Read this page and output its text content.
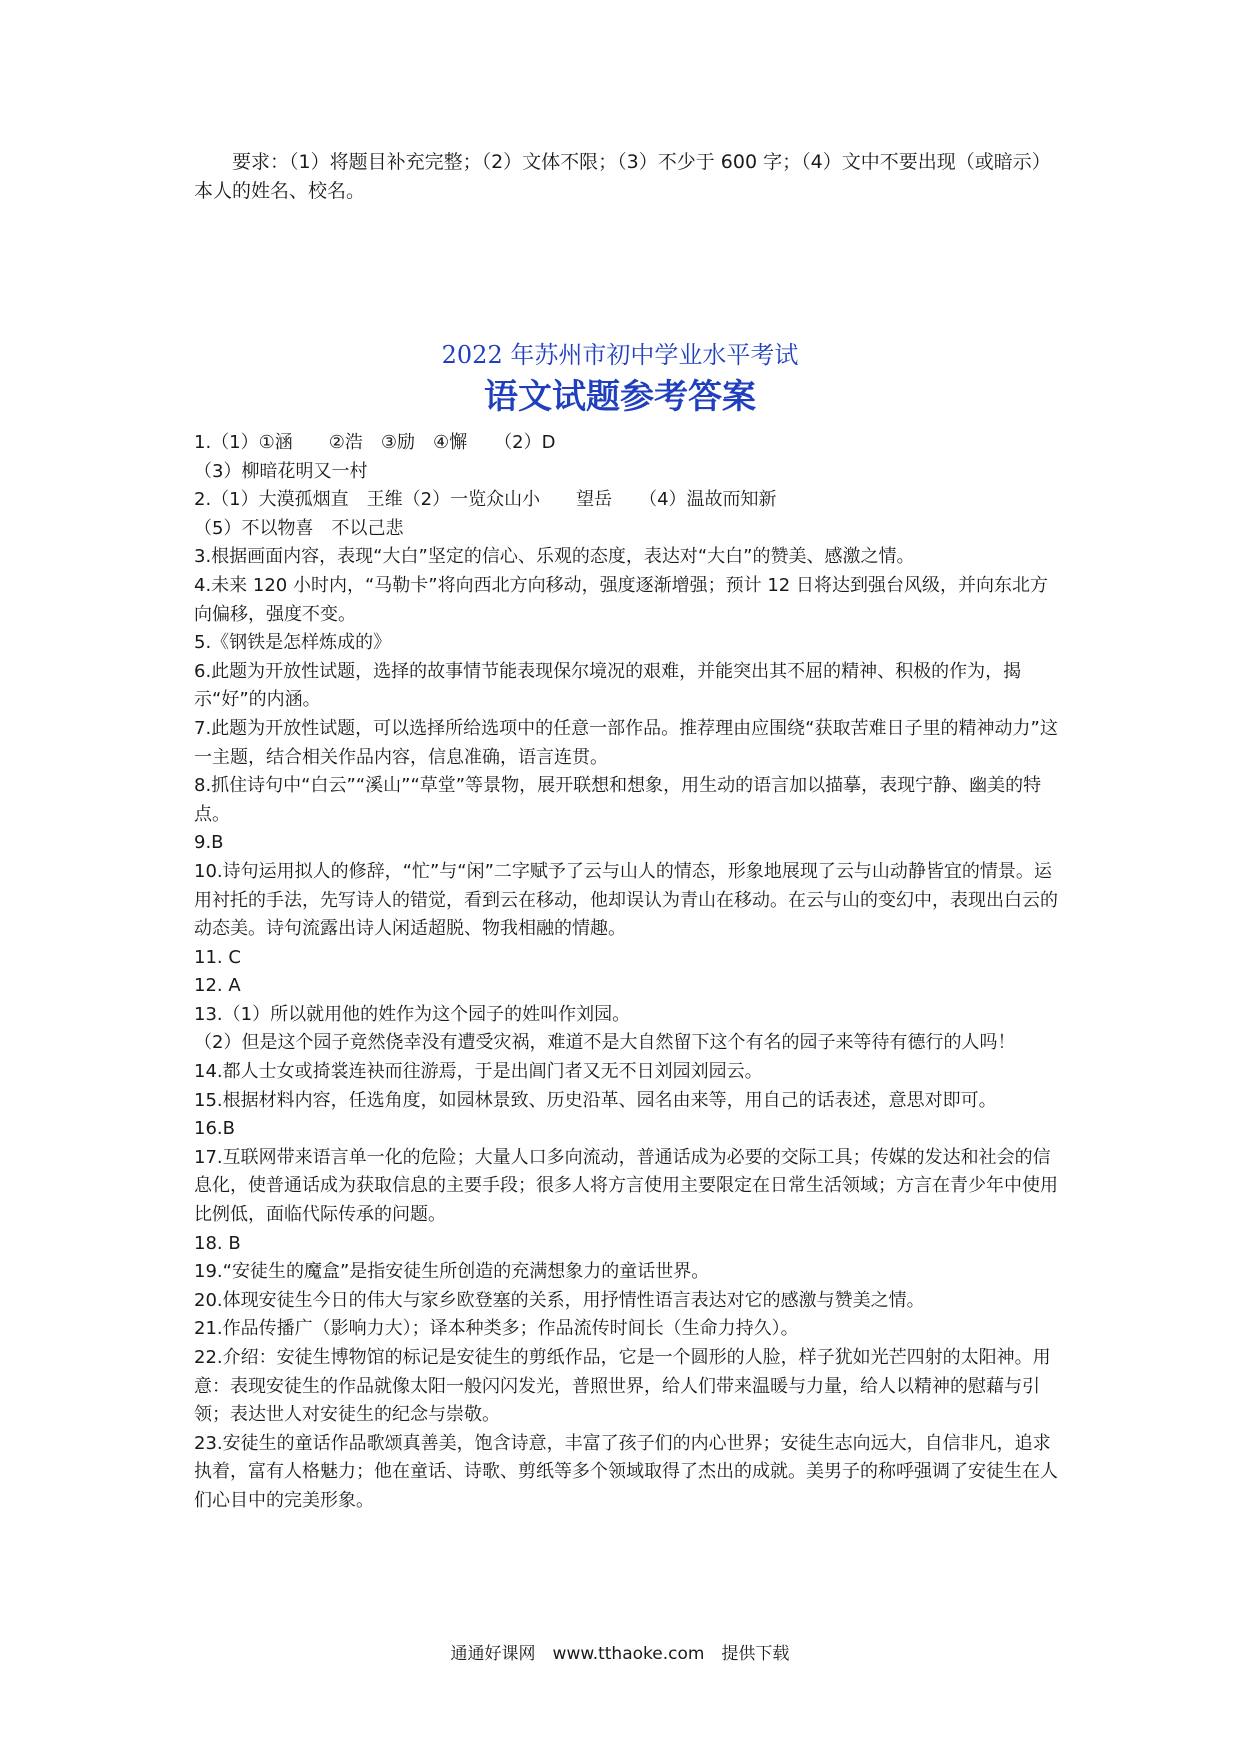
要求：（1）将题目补充完整；（2）文体不限；（3）不少于 600 字；（4）文中不要出现（或暗示）本人的姓名、校名。

2022 年苏州市初中学业水平考试

语文试题参考答案

1.（1）①涵　　②浩　③励　④懈　　（2）D

（3）柳暗花明又一村

2.（1）大漠孤烟直　王维（2）一览众山小　　望岳　　（4）温故而知新

（5）不以物喜　不以己悲

3.根据画面内容，表现“大白”坚定的信心、乐观的态度，表达对“大白”的赞美、感激之情。

4.未来 120 小时内，“马勒卡”将向西北方向移动，强度逐渐增强；预计 12 日将达到强台风级，并向东北方向偏移，强度不变。

5.《钢铁是怎样炼成的》

6.此题为开放性试题，选择的故事情节能表现保尔境况的艰难，并能突出其不屈的精神、积极的作为，揭示“好”的内涵。

7.此题为开放性试题，可以选择所给选项中的任意一部作品。推荐理由应围绕“获取苦难日子里的精神动力”这一主题，结合相关作品内容，信息准确，语言连贯。

8.抓住诗句中“白云”“溪山”“草堂”等景物，展开联想和想象，用生动的语言加以描摹，表现宁静、幽美的特点。

9.B

10.诗句运用拟人的修辞，“忙”与“闲”二字赋予了云与山人的情态，形象地展现了云与山动静皆宜的情景。运用衬托的手法，先写诗人的错觉，看到云在移动，他却误认为青山在移动。在云与山的变幻中，表现出白云的动态美。诗句流露出诗人闲适超脱、物我相融的情趣。

11. C

12. A

13.（1）所以就用他的姓作为这个园子的姓叫作刘园。

（2）但是这个园子竟然侥幸没有遭受灾祸，难道不是大自然留下这个有名的园子来等待有德行的人吗！

14.都人士女或掎裳连袂而往游焉，于是出阊门者又无不日刘园刘园云。

15.根据材料内容，任选角度，如园林景致、历史沿革、园名由来等，用自己的话表述，意思对即可。

16.B

17.互联网带来语言单一化的危险；大量人口多向流动，普通话成为必要的交际工具；传媒的发达和社会的信息化，使普通话成为获取信息的主要手段；很多人将方言使用主要限定在日常生活领域；方言在青少年中使用比例低，面临代际传承的问题。

18. B

19.“安徒生的魔盒”是指安徒生所创造的充满想象力的童话世界。

20.体现安徒生今日的伟大与家乡欧登塞的关系，用抒情性语言表达对它的感激与赞美之情。

21.作品传播广（影响力大）；译本种类多；作品流传时间长（生命力持久）。

22.介绍：安徒生博物馆的标记是安徒生的剪纸作品，它是一个圆形的人脸，样子犹如光芒四射的太阳神。用意：表现安徒生的作品就像太阳一般闪闪发光，普照世界，给人们带来温暖与力量，给人以精神的慰藉与引领；表达世人对安徒生的纪念与崇敬。

23.安徒生的童话作品歌颂真善美，饱含诗意，丰富了孩子们的内心世界；安徒生志向远大，自信非凡，追求执着，富有人格魅力；他在童话、诗歌、剪纸等多个领域取得了杰出的成就。美男子的称呼强调了安徒生在人们心目中的完美形象。

通通好课网　www.tthaoke.com　提供下载
